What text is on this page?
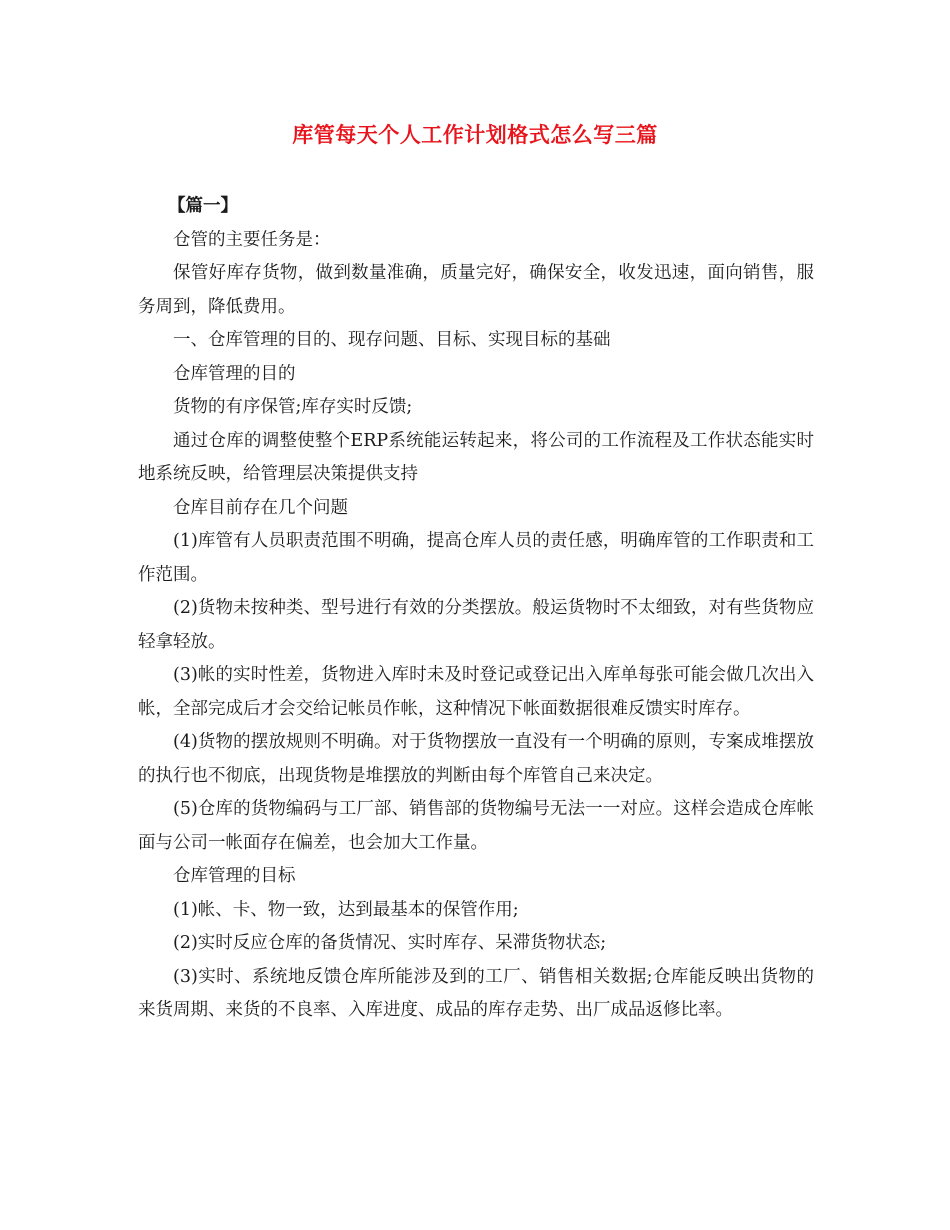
库管每天个人工作计划格式怎么写三篇

【篇一】

仓管的主要任务是：

保管好库存货物，做到数量准确，质量完好，确保安全，收发迅速，面向销售，服务周到，降低费用。

一、仓库管理的目的、现存问题、目标、实现目标的基础

仓库管理的目的

货物的有序保管;库存实时反馈;

通过仓库的调整使整个ERP系统能运转起来，将公司的工作流程及工作状态能实时地系统反映，给管理层决策提供支持

仓库目前存在几个问题

(1)库管有人员职责范围不明确，提高仓库人员的责任感，明确库管的工作职责和工作范围。

(2)货物未按种类、型号进行有效的分类摆放。般运货物时不太细致，对有些货物应轻拿轻放。

(3)帐的实时性差，货物进入库时未及时登记或登记出入库单每张可能会做几次出入帐，全部完成后才会交给记帐员作帐，这种情况下帐面数据很难反馈实时库存。

(4)货物的摆放规则不明确。对于货物摆放一直没有一个明确的原则，专案成堆摆放的执行也不彻底，出现货物是堆摆放的判断由每个库管自己来决定。

(5)仓库的货物编码与工厂部、销售部的货物编号无法一一对应。这样会造成仓库帐面与公司一帐面存在偏差，也会加大工作量。

仓库管理的目标

(1)帐、卡、物一致，达到最基本的保管作用;

(2)实时反应仓库的备货情况、实时库存、呆滞货物状态;

(3)实时、系统地反馈仓库所能涉及到的工厂、销售相关数据;仓库能反映出货物的来货周期、来货的不良率、入库进度、成品的库存走势、出厂成品返修比率。
